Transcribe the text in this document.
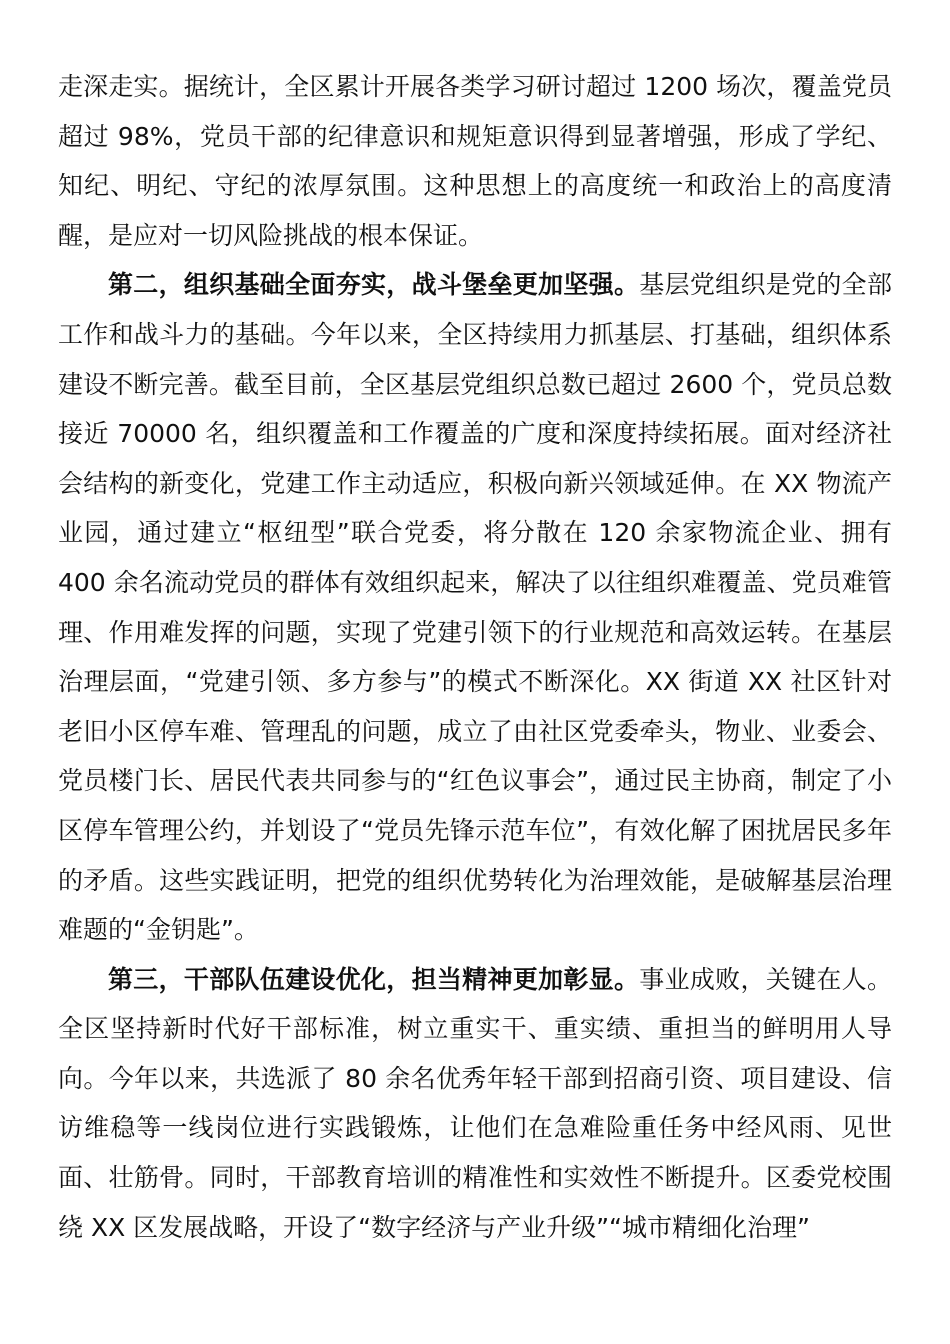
走深走实。据统计，全区累计开展各类学习研讨超过 1200 场次，覆盖党员超过 98%，党员干部的纪律意识和规矩意识得到显著增强，形成了学纪、知纪、明纪、守纪的浓厚氛围。这种思想上的高度统一和政治上的高度清醒，是应对一切风险挑战的根本保证。

第二，组织基础全面夯实，战斗堡垒更加坚强。基层党组织是党的全部工作和战斗力的基础。今年以来，全区持续用力抓基层、打基础，组织体系建设不断完善。截至目前，全区基层党组织总数已超过 2600 个，党员总数接近 70000 名，组织覆盖和工作覆盖的广度和深度持续拓展。面对经济社会结构的新变化，党建工作主动适应，积极向新兴领域延伸。在 XX 物流产业园，通过建立“枢纽型”联合党委，将分散在 120 余家物流企业、拥有 400 余名流动党员的群体有效组织起来，解决了以往组织难覆盖、党员难管理、作用难发挥的问题，实现了党建引领下的行业规范和高效运转。在基层治理层面，“党建引领、多方参与”的模式不断深化。XX 街道 XX 社区针对老旧小区停车难、管理乱的问题，成立了由社区党委牵头，物业、业委会、党员楼门长、居民代表共同参与的“红色议事会”，通过民主协商，制定了小区停车管理公约，并划设了“党员先锋示范车位”，有效化解了困扰居民多年的矛盾。这些实践证明，把党的组织优势转化为治理效能，是破解基层治理难题的“金钥匙”。

第三，干部队伍建设优化，担当精神更加彰显。事业成败，关键在人。全区坚持新时代好干部标准，树立重实干、重实绩、重担当的鲜明用人导向。今年以来，共选派了 80 余名优秀年轻干部到招商引资、项目建设、信访维稳等一线岗位进行实践锻炼，让他们在急难险重任务中经风雨、见世面、壮筋骨。同时，干部教育培训的精准性和实效性不断提升。区委党校围绕 XX 区发展战略，开设了“数字经济与产业升级”“城市精细化治理”
